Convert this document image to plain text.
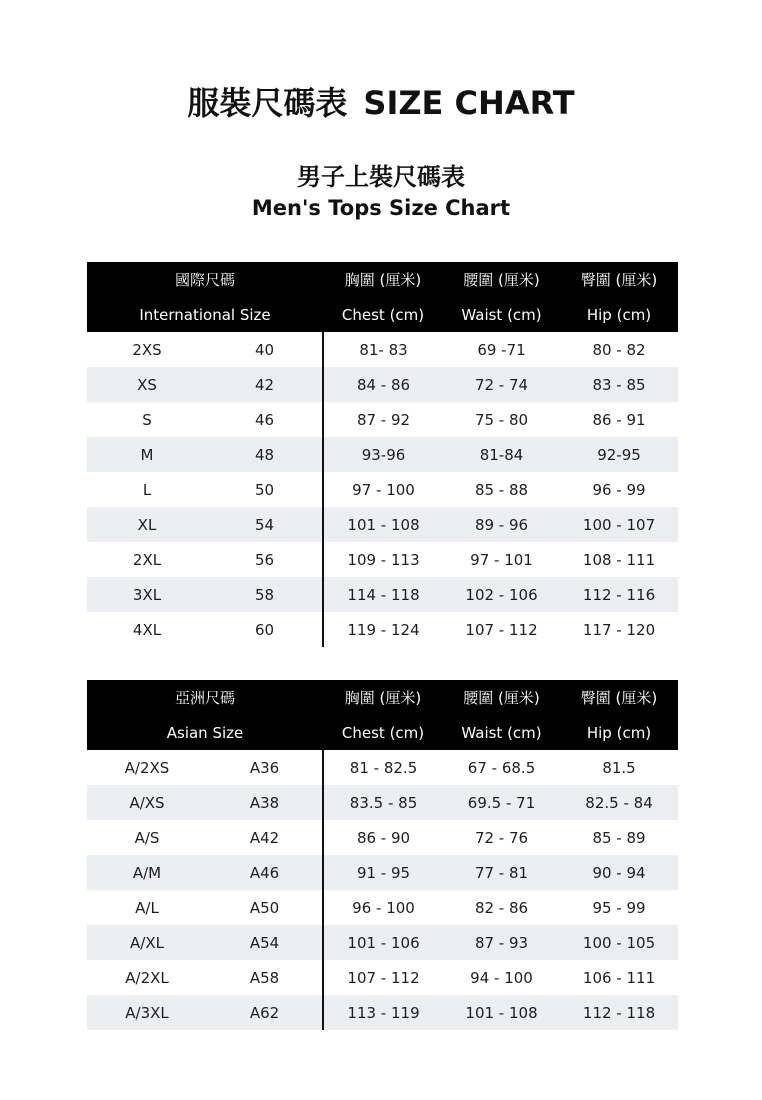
服裝尺碼表 SIZE CHART
男子上裝尺碼表
Men's Tops Size Chart
國際尺碼		胸圍 (厘米)	腰圍 (厘米)	臀圍 (厘米)
International Size		Chest (cm)	Waist (cm)	Hip (cm)
2XS	40	81- 83	69 -71	80 - 82
XS	42	84 - 86	72 - 74	83 - 85
S	46	87 - 92	75 - 80	86 - 91
M	48	93-96	81-84	92-95
L	50	97 - 100	85 - 88	96 - 99
XL	54	101 - 108	89 - 96	100 - 107
2XL	56	109 - 113	97 - 101	108 - 111
3XL	58	114 - 118	102 - 106	112 - 116
4XL	60	119 - 124	107 - 112	117 - 120
亞洲尺碼		胸圍 (厘米)	腰圍 (厘米)	臀圍 (厘米)
Asian Size		Chest (cm)	Waist (cm)	Hip (cm)
A/2XS	A36	81 - 82.5	67 - 68.5	81.5
A/XS	A38	83.5 - 85	69.5 - 71	82.5 - 84
A/S	A42	86 - 90	72 - 76	85 - 89
A/M	A46	91 - 95	77 - 81	90 - 94
A/L	A50	96 - 100	82 - 86	95 - 99
A/XL	A54	101 - 106	87 - 93	100 - 105
A/2XL	A58	107 - 112	94 - 100	106 - 111
A/3XL	A62	113 - 119	101 - 108	112 - 118
